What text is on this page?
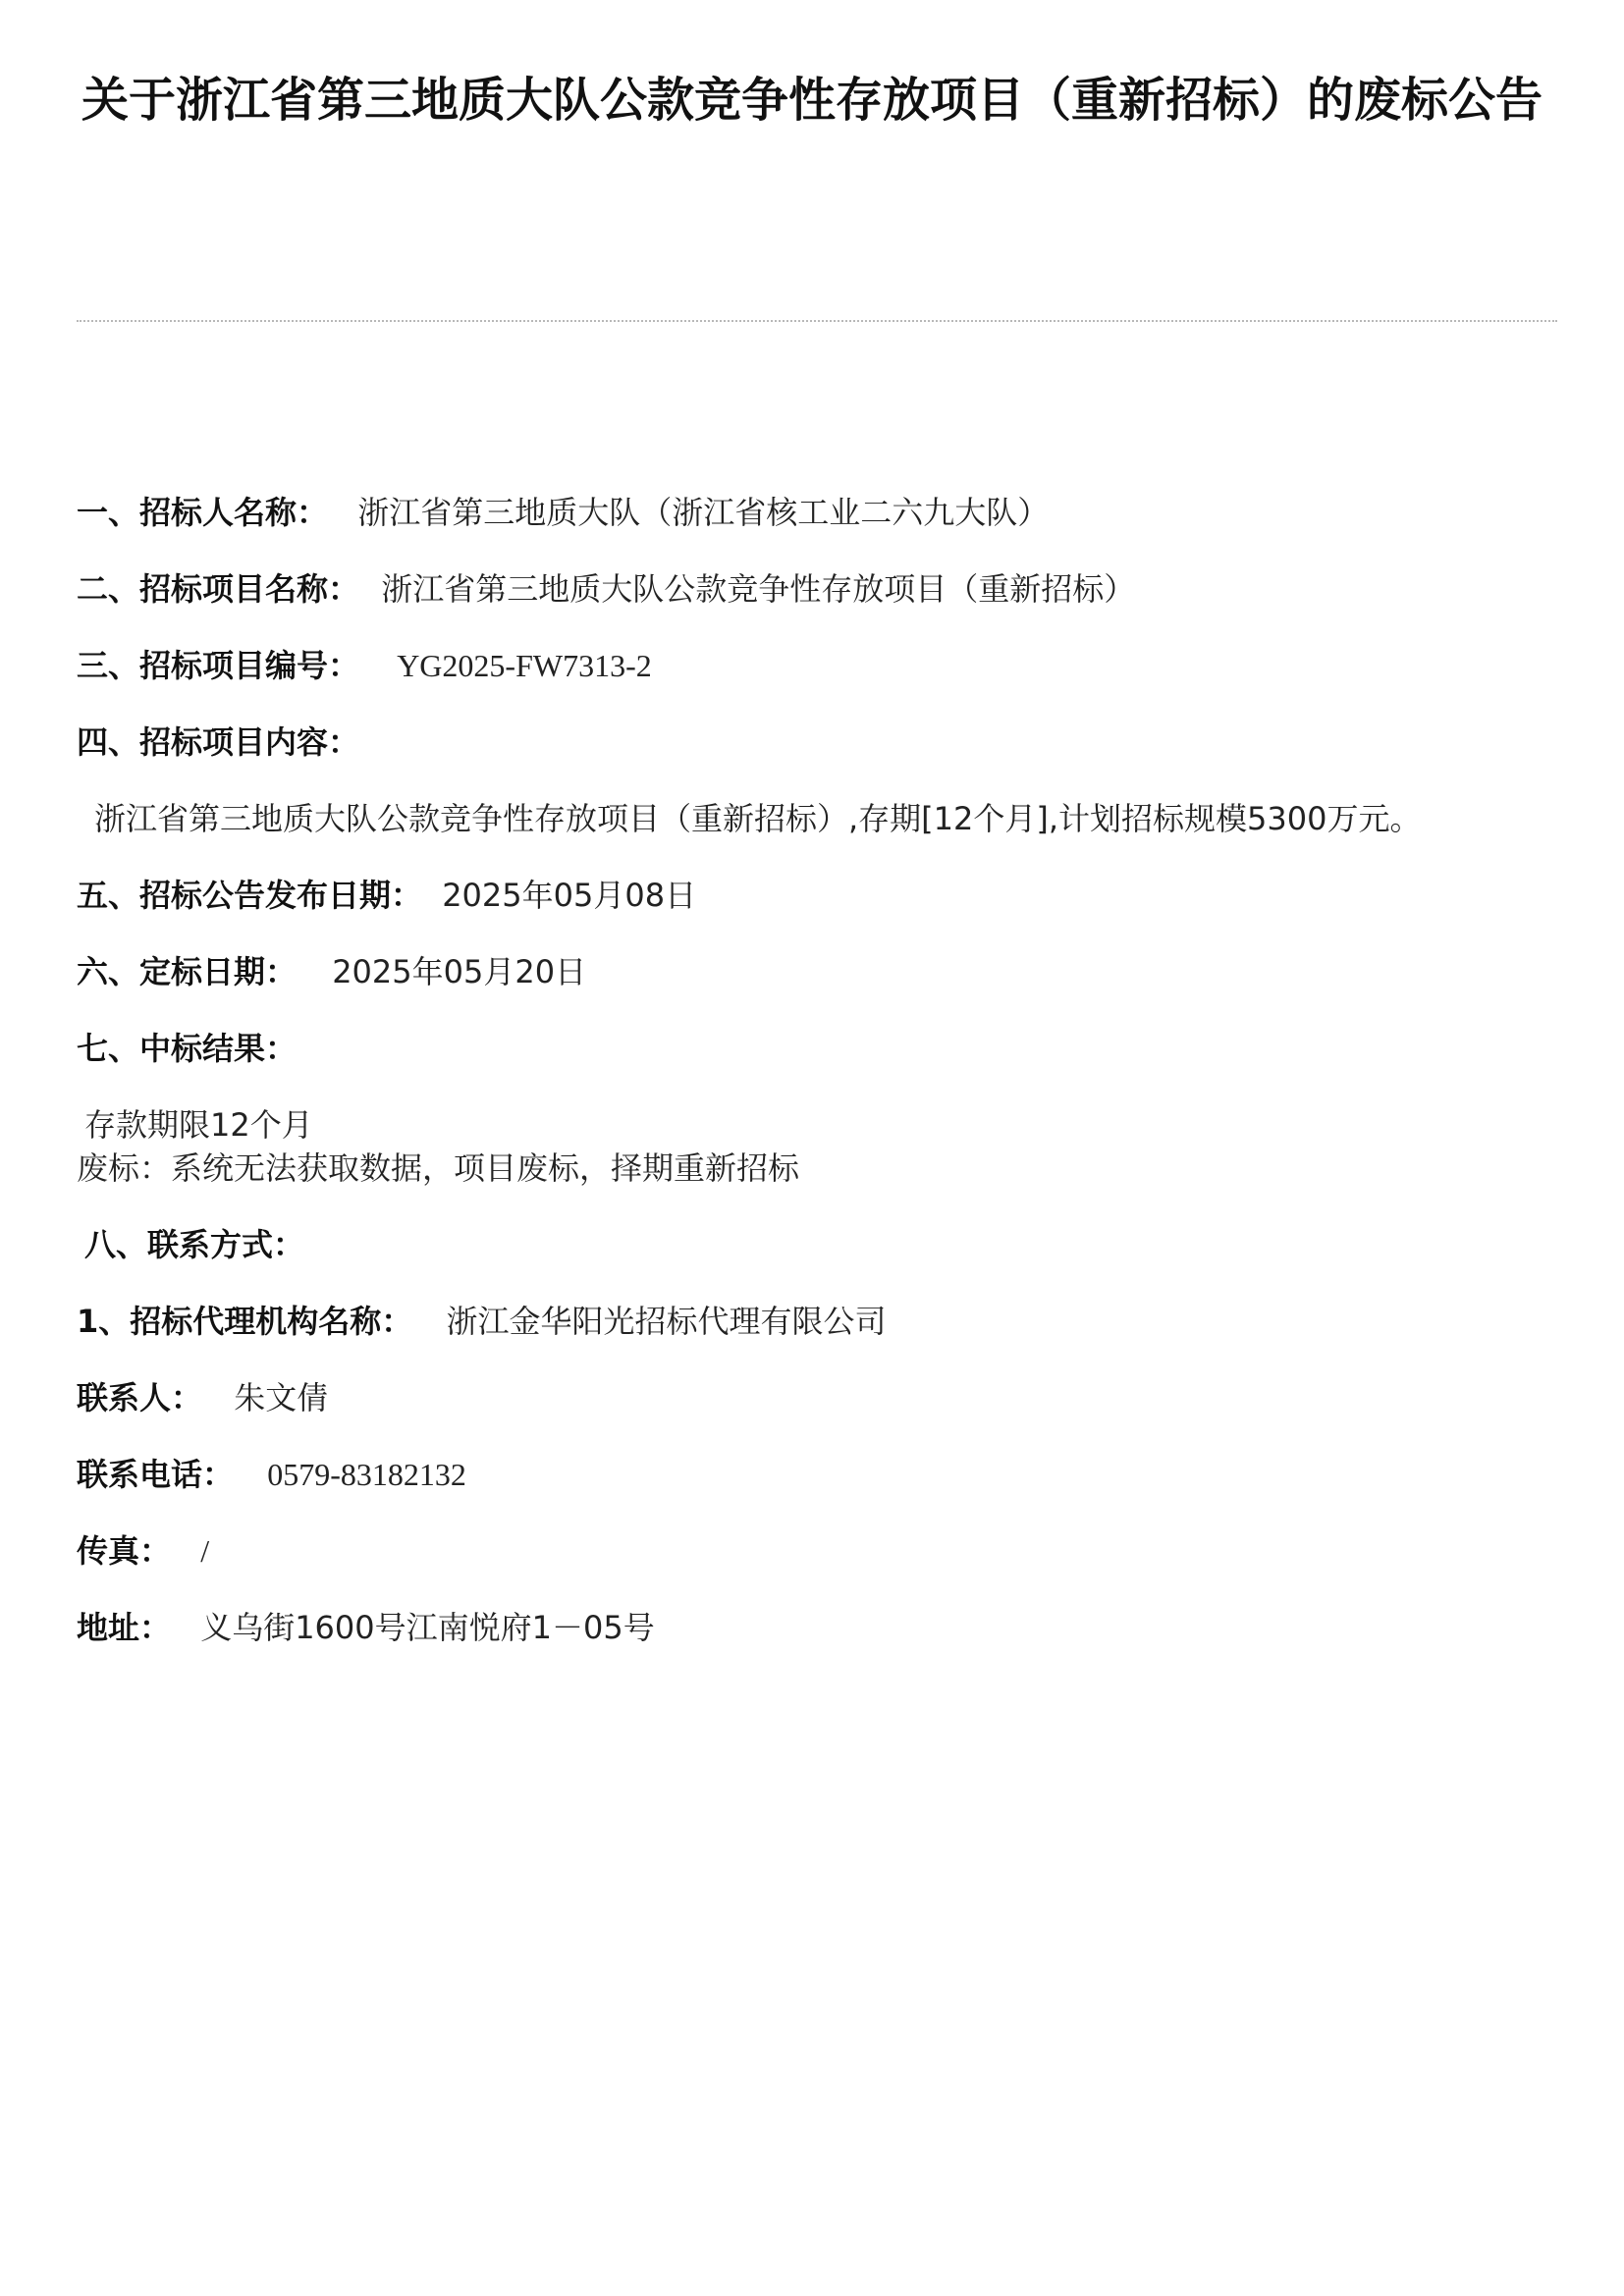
关于浙江省第三地质大队公款竞争性存放项目（重新招标）的废标公告
一、招标人名称： 浙江省第三地质大队（浙江省核工业二六九大队）
二、招标项目名称： 浙江省第三地质大队公款竞争性存放项目（重新招标）
三、招标项目编号： YG2025-FW7313-2
四、招标项目内容：
浙江省第三地质大队公款竞争性存放项目（重新招标）,存期[12个月],计划招标规模5300万元。
五、招标公告发布日期： 2025年05月08日
六、定标日期： 2025年05月20日
七、中标结果：
存款期限12个月
废标：系统无法获取数据，项目废标，择期重新招标
八、联系方式：
1、招标代理机构名称： 浙江金华阳光招标代理有限公司
联系人： 朱文倩
联系电话： 0579-83182132
传真： /
地址： 义乌街1600号江南悦府1－05号
